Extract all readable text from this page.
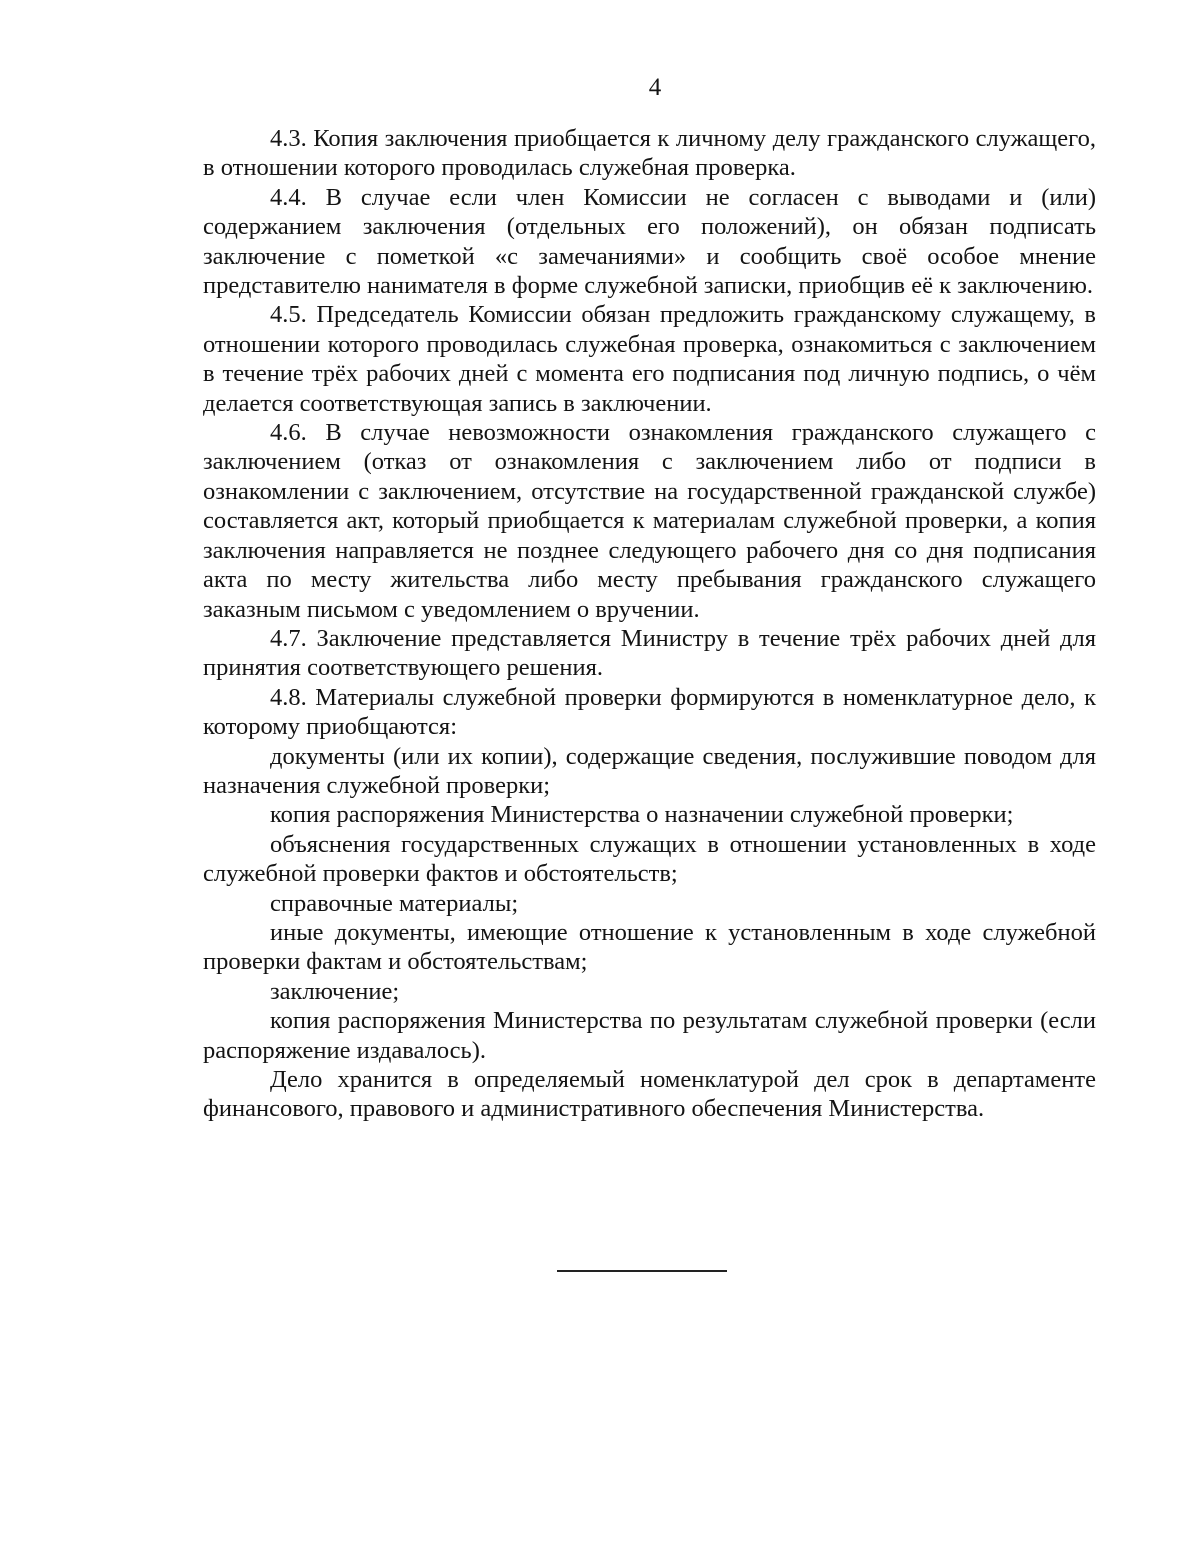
4

4.3. Копия заключения приобщается к личному делу гражданского служащего, в отношении которого проводилась служебная проверка.

4.4. В случае если член Комиссии не согласен с выводами и (или) содержанием заключения (отдельных его положений), он обязан подписать заключение с пометкой «с замечаниями» и сообщить своё особое мнение представителю нанимателя в форме служебной записки, приобщив её к заключению.

4.5. Председатель Комиссии обязан предложить гражданскому служащему, в отношении которого проводилась служебная проверка, ознакомиться с заключением в течение трёх рабочих дней с момента его подписания под личную подпись, о чём делается соответствующая запись в заключении.

4.6. В случае невозможности ознакомления гражданского служащего с заключением (отказ от ознакомления с заключением либо от подписи в ознакомлении с заключением, отсутствие на государственной гражданской службе) составляется акт, который приобщается к материалам служебной проверки, а копия заключения направляется не позднее следующего рабочего дня со дня подписания акта по месту жительства либо месту пребывания гражданского служащего заказным письмом с уведомлением о вручении.

4.7. Заключение представляется Министру в течение трёх рабочих дней для принятия соответствующего решения.

4.8. Материалы служебной проверки формируются в номенклатурное дело, к которому приобщаются:

документы (или их копии), содержащие сведения, послужившие поводом для назначения служебной проверки;

копия распоряжения Министерства о назначении служебной проверки;

объяснения государственных служащих в отношении установленных в ходе служебной проверки фактов и обстоятельств;

справочные материалы;

иные документы, имеющие отношение к установленным в ходе служебной проверки фактам и обстоятельствам;

заключение;

копия распоряжения Министерства по результатам служебной проверки (если распоряжение издавалось).

Дело хранится в определяемый номенклатурой дел срок в департаменте финансового, правового и административного обеспечения Министерства.
